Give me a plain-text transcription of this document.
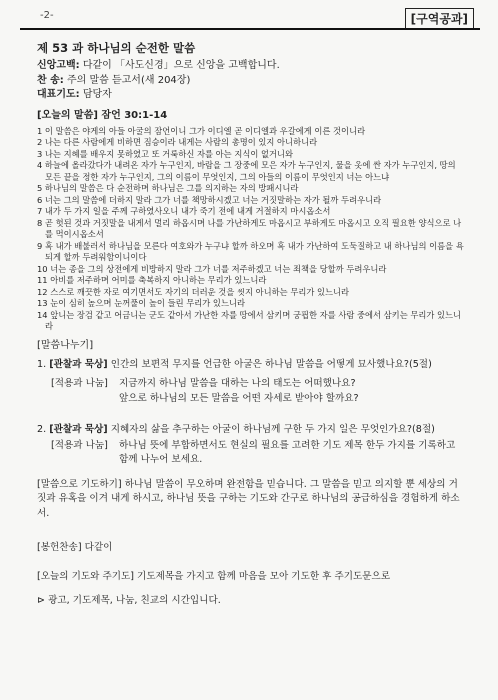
-2-	[구역공과]
제 53 과 하나님의 순전한 말씀
신앙고백: 다같이 「사도신경」으로 신앙을 고백합니다.
찬 송: 주의 말씀 듣고서(새 204장)
대표기도: 담당자
[오늘의 말씀] 잠언 30:1-14
1 이 말씀은 야게의 아들 아굴의 잠언이니 그가 이디엘 곧 이디엘과 우갈에게 이른 것이니라
2 나는 다른 사람에게 비하면 짐승이라 내게는 사람의 총명이 있지 아니하니라
3 나는 지혜를 배우지 못하였고 또 거룩하신 자를 아는 지식이 없거니와
4 하늘에 올라갔다가 내려온 자가 누구인지, 바람을 그 장중에 모은 자가 누구인지, 물을 옷에 싼 자가 누구인지, 땅의 모든 끝을 정한 자가 누구인지, 그의 이름이 무엇인지, 그의 아들의 이름이 무엇인지 너는 아느냐
5 하나님의 말씀은 다 순전하며 하나님은 그를 의지하는 자의 방패시니라
6 너는 그의 말씀에 더하지 말라 그가 너를 책망하시겠고 너는 거짓말하는 자가 될까 두려우니라
7 내가 두 가지 일을 주께 구하였사오니 내가 죽기 전에 내게 거절하지 마시옵소서
8 곧 헛된 것과 거짓말을 내게서 멀리 하옵시며 나를 가난하게도 마옵시고 부하게도 마옵시고 오직 필요한 양식으로 나를 먹이시옵소서
9 혹 내가 배불러서 하나님을 모른다 여호와가 누구냐 할까 하오며 혹 내가 가난하여 도둑질하고 내 하나님의 이름을 욕되게 할까 두려워함이니이다
10 너는 종을 그의 상전에게 비방하지 말라 그가 너를 저주하겠고 너는 죄책을 당할까 두려우니라
11 아비를 저주하며 어미를 축복하지 아니하는 무리가 있느니라
12 스스로 깨끗한 자로 여기면서도 자기의 더러운 것을 씻지 아니하는 무리가 있느니라
13 눈이 심히 높으며 눈꺼풀이 높이 들린 무리가 있느니라
14 앞니는 장검 같고 어금니는 군도 같아서 가난한 자를 땅에서 삼키며 궁핍한 자를 사람 중에서 삼키는 무리가 있느니라
[말씀나누기]
1. [관찰과 묵상] 인간의 보편적 무지를 언급한 아굴은 하나님 말씀을 어떻게 묘사했나요?(5절)
[적용과 나눔]	지금까지 하나님 말씀을 대하는 나의 태도는 어떠했나요?
앞으로 하나님의 모든 말씀을 어떤 자세로 받아야 할까요?
2. [관찰과 묵상] 지혜자의 삶을 추구하는 아굴이 하나님께 구한 두 가지 일은 무엇인가요?(8절)
[적용과 나눔]	하나님 뜻에 부합하면서도 현실의 필요를 고려한 기도 제목 한두 가지를 기록하고 함께 나누어 보세요.
[말씀으로 기도하기] 하나님 말씀이 무오하며 완전함을 믿습니다. 그 말씀을 믿고 의지할 뿐 세상의 거짓과 유혹을 이겨 내게 하시고, 하나님 뜻을 구하는 기도와 간구로 하나님의 공급하심을 경험하게 하소서.
[봉헌찬송] 다같이
[오늘의 기도와 주기도] 기도제목을 가지고 함께 마음을 모아 기도한 후 주기도문으로
⊳ 광고, 기도제목, 나눔, 친교의 시간입니다.
